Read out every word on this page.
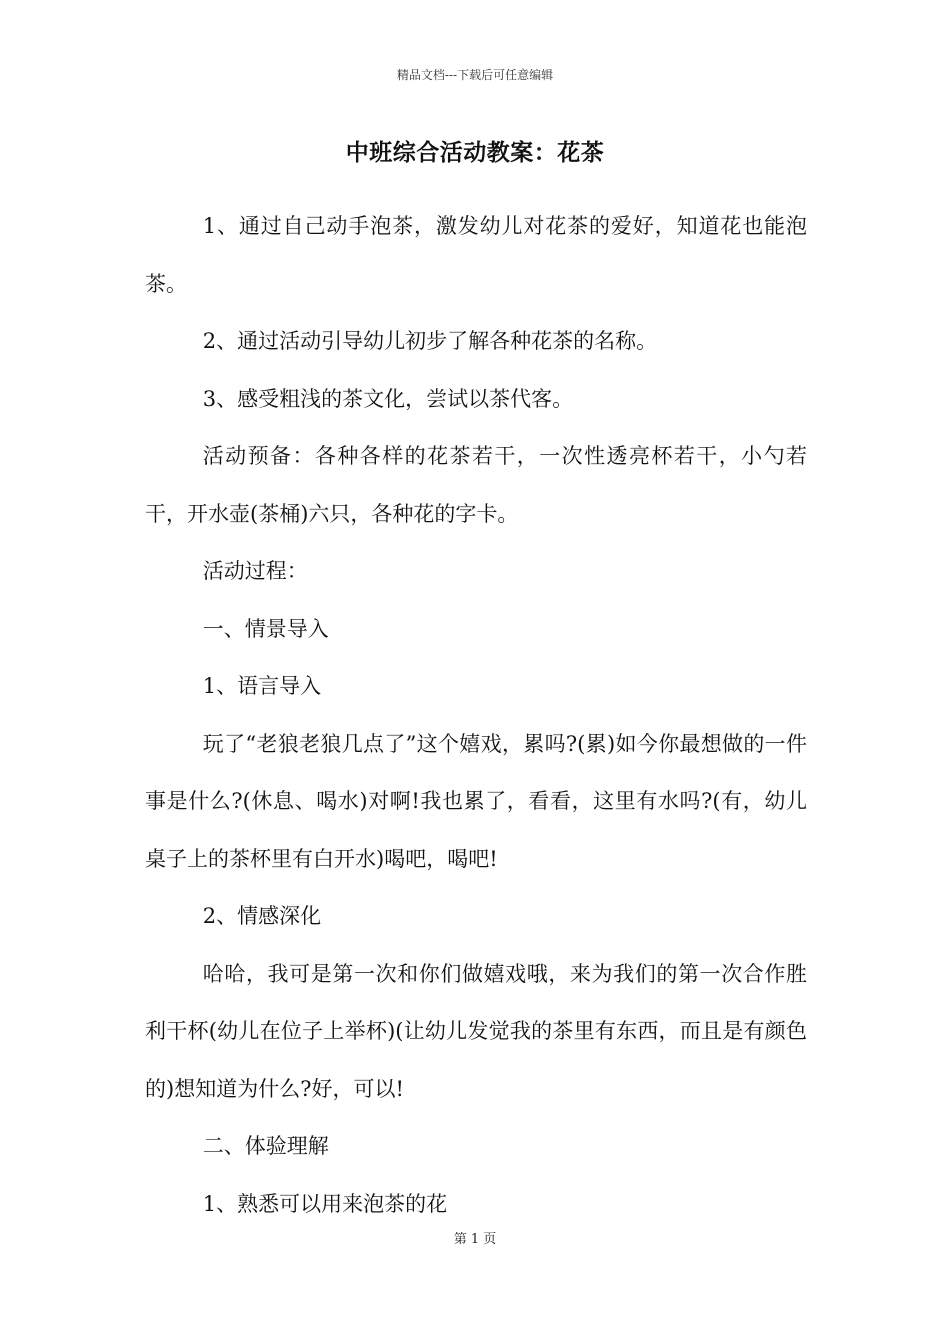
精品文档---下载后可任意编辑
中班综合活动教案：花茶

1、通过自己动手泡茶，激发幼儿对花茶的爱好，知道花也能泡茶。

2、通过活动引导幼儿初步了解各种花茶的名称。

3、感受粗浅的茶文化，尝试以茶代客。

活动预备：各种各样的花茶若干，一次性透亮杯若干，小勺若干，开水壶(茶桶)六只，各种花的字卡。

活动过程：

一、情景导入

1、语言导入

玩了“老狼老狼几点了”这个嬉戏，累吗?(累)如今你最想做的一件事是什么?(休息、喝水)对啊!我也累了，看看，这里有水吗?(有，幼儿桌子上的茶杯里有白开水)喝吧，喝吧!

2、情感深化

哈哈，我可是第一次和你们做嬉戏哦，来为我们的第一次合作胜利干杯(幼儿在位子上举杯)(让幼儿发觉我的茶里有东西，而且是有颜色的)想知道为什么?好，可以!

二、体验理解

1、熟悉可以用来泡茶的花

第 1 页
